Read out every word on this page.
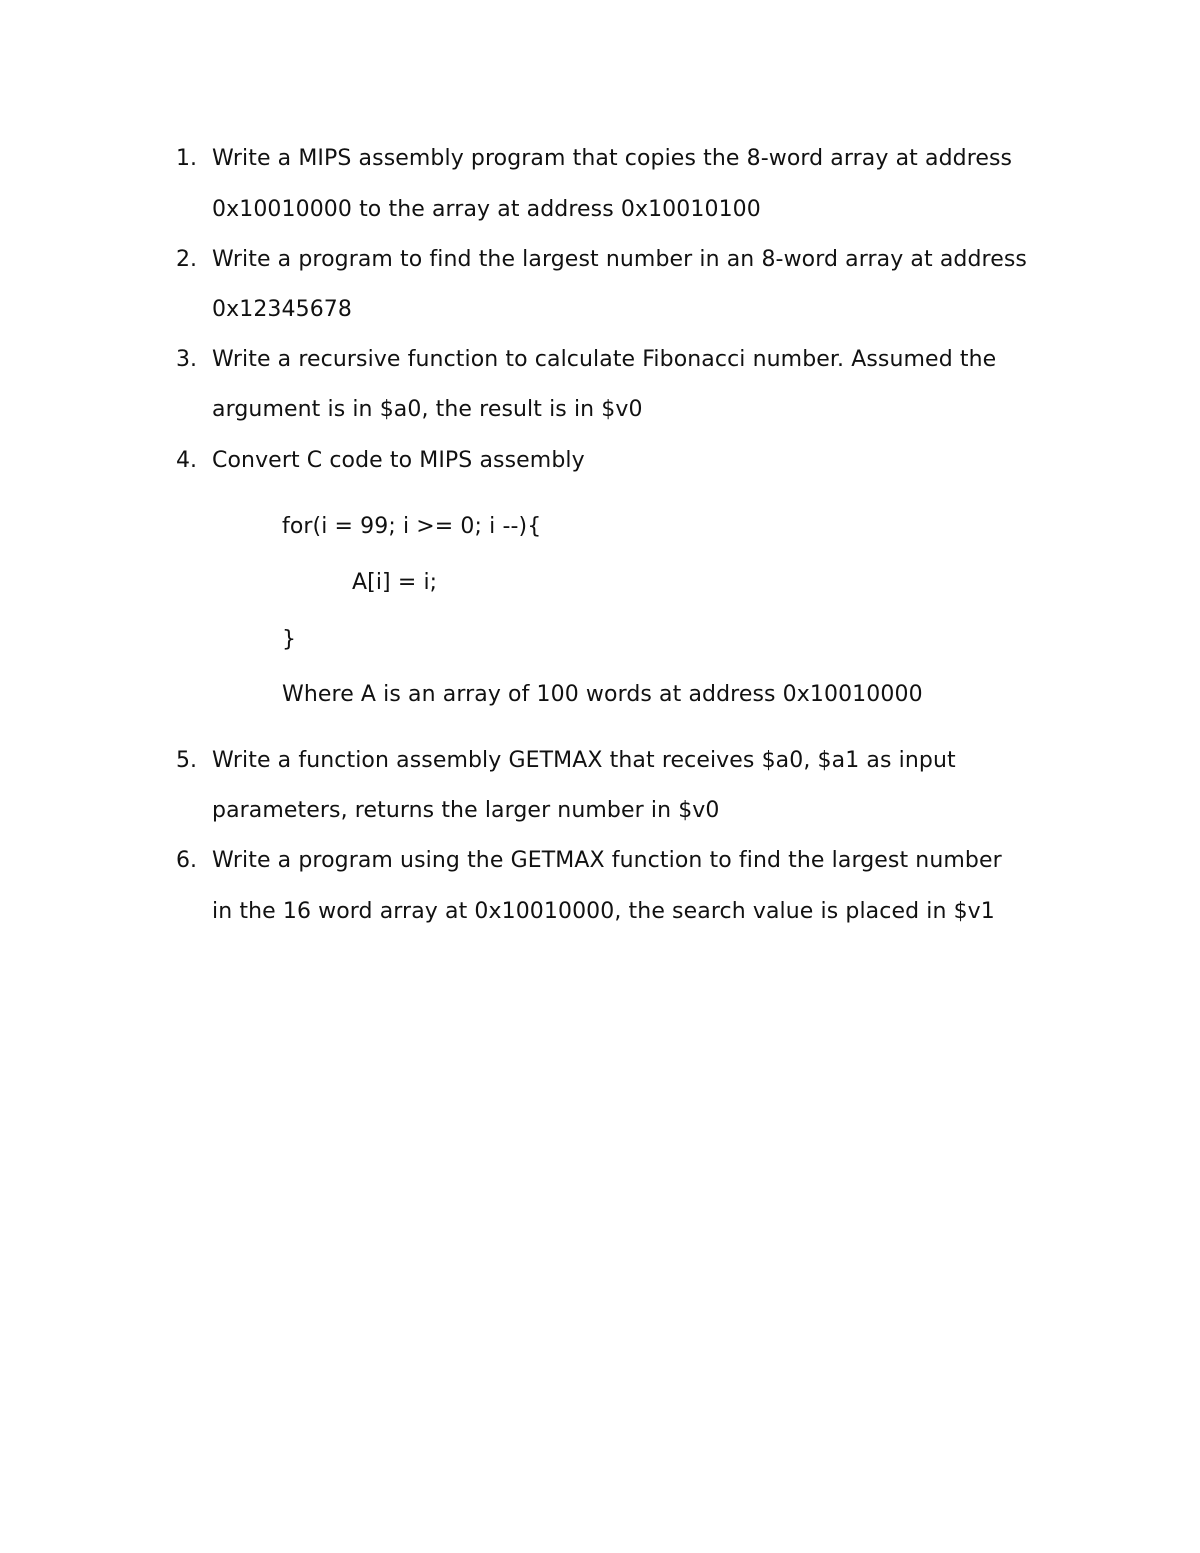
1. Write a MIPS assembly program that copies the 8-word array at address
0x10010000 to the array at address 0x10010100
2. Write a program to find the largest number in an 8-word array at address
0x12345678
3. Write a recursive function to calculate Fibonacci number. Assumed the
argument is in $a0, the result is in $v0
4. Convert C code to MIPS assembly
for(i = 99; i >= 0; i --){
A[i] = i;
}
Where A is an array of 100 words at address 0x10010000
5. Write a function assembly GETMAX that receives $a0, $a1 as input
parameters, returns the larger number in $v0
6. Write a program using the GETMAX function to find the largest number
in the 16 word array at 0x10010000, the search value is placed in $v1
